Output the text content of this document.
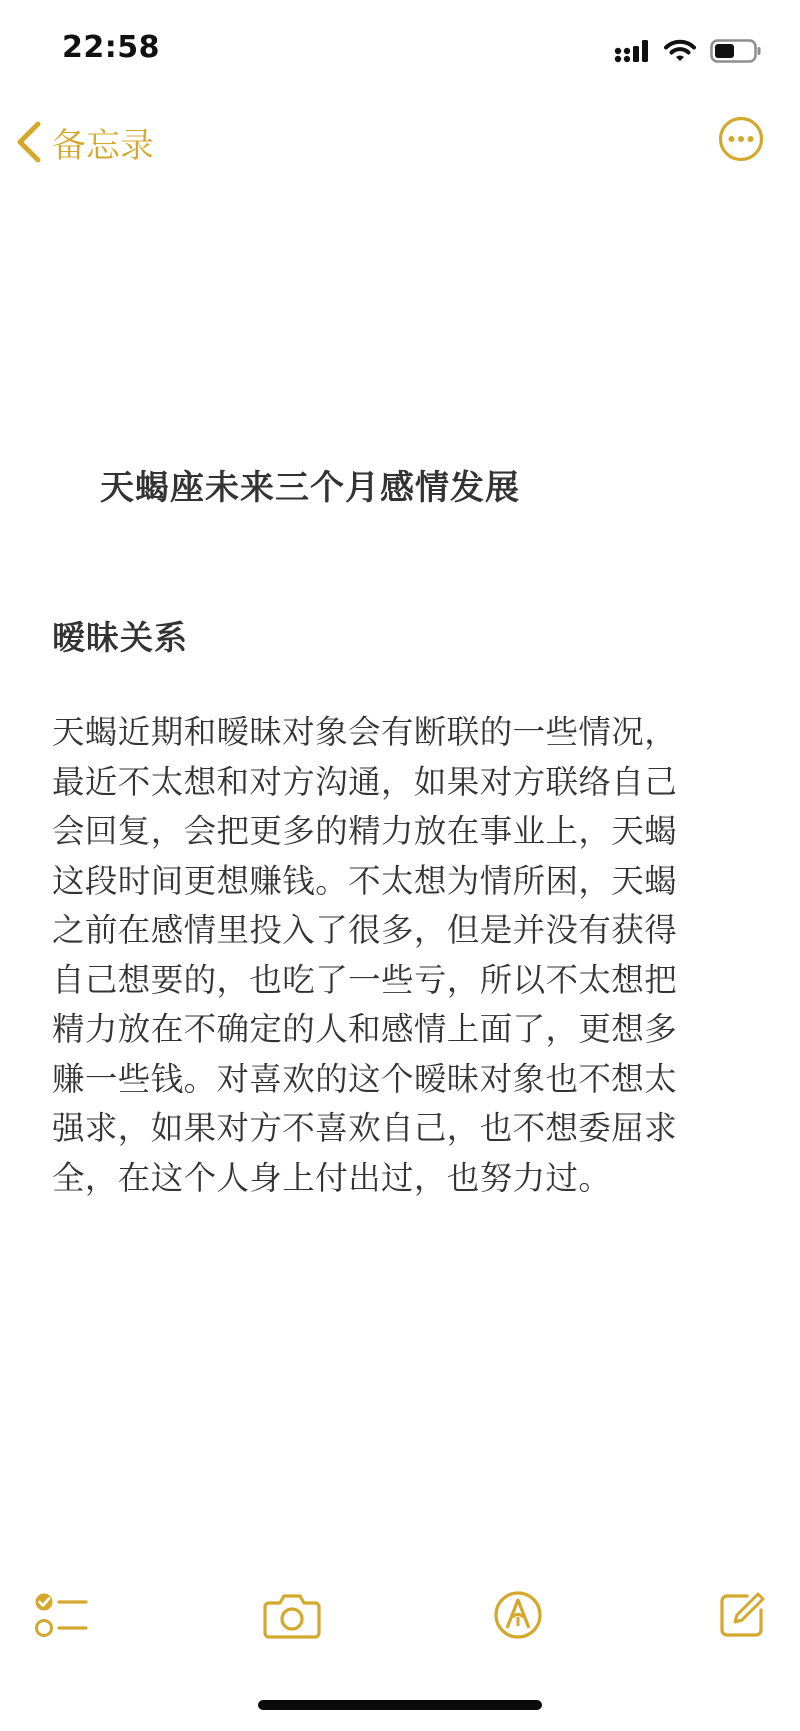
22:58
备忘录
天蝎座未来三个月感情发展
暧昧关系
天蝎近期和暧昧对象会有断联的一些情况，
最近不太想和对方沟通，如果对方联络自己
会回复，会把更多的精力放在事业上，天蝎
这段时间更想赚钱。不太想为情所困，天蝎
之前在感情里投入了很多，但是并没有获得
自己想要的，也吃了一些亏，所以不太想把
精力放在不确定的人和感情上面了，更想多
赚一些钱。对喜欢的这个暧昧对象也不想太
强求，如果对方不喜欢自己，也不想委屈求
全，在这个人身上付出过，也努力过。
